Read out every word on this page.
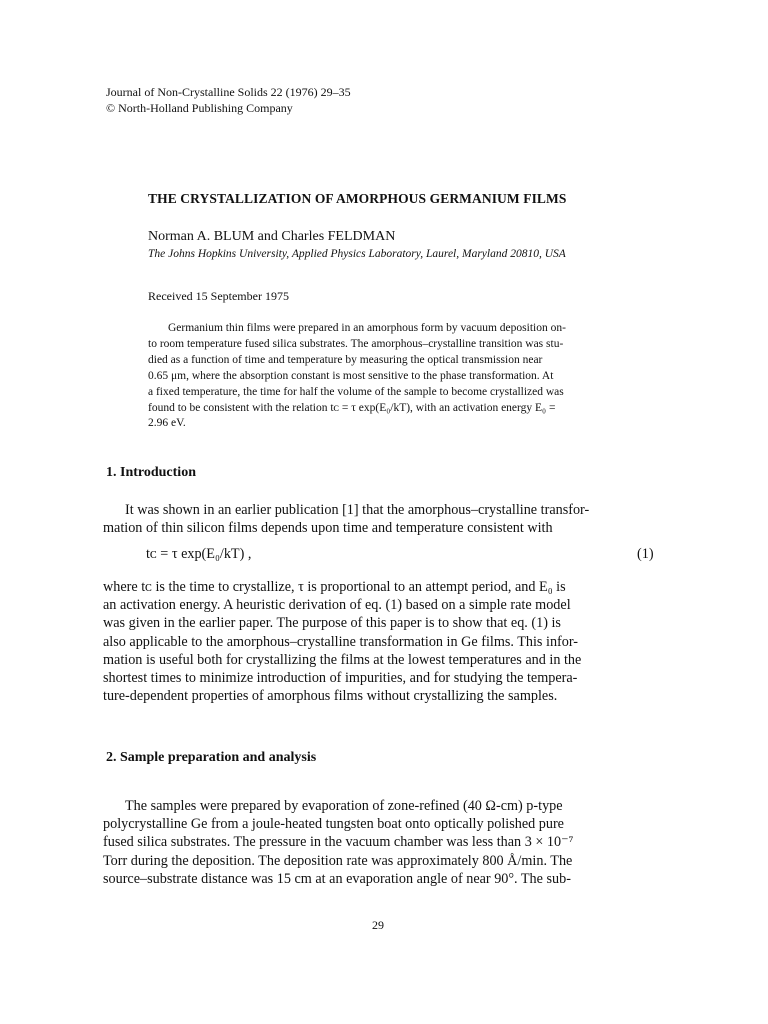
Journal of Non-Crystalline Solids 22 (1976) 29–35
© North-Holland Publishing Company
THE CRYSTALLIZATION OF AMORPHOUS GERMANIUM FILMS
Norman A. BLUM and Charles FELDMAN
The Johns Hopkins University, Applied Physics Laboratory, Laurel, Maryland 20810, USA
Received 15 September 1975
Germanium thin films were prepared in an amorphous form by vacuum deposition on-
to room temperature fused silica substrates. The amorphous–crystalline transition was stu-
died as a function of time and temperature by measuring the optical transmission near
0.65 μm, where the absorption constant is most sensitive to the phase transformation. At
a fixed temperature, the time for half the volume of the sample to become crystallized was
found to be consistent with the relation tᴄ = τ exp(E₀/kT), with an activation energy E₀ =
2.96 eV.
1. Introduction
It was shown in an earlier publication [1] that the amorphous–crystalline transfor-
mation of thin silicon films depends upon time and temperature consistent with
tᴄ = τ exp(E₀/kT) ,	(1)
where tᴄ is the time to crystallize, τ is proportional to an attempt period, and E₀ is
an activation energy. A heuristic derivation of eq. (1) based on a simple rate model
was given in the earlier paper. The purpose of this paper is to show that eq. (1) is
also applicable to the amorphous–crystalline transformation in Ge films. This infor-
mation is useful both for crystallizing the films at the lowest temperatures and in the
shortest times to minimize introduction of impurities, and for studying the tempera-
ture-dependent properties of amorphous films without crystallizing the samples.
2. Sample preparation and analysis
The samples were prepared by evaporation of zone-refined (40 Ω-cm) p-type
polycrystalline Ge from a joule-heated tungsten boat onto optically polished pure
fused silica substrates. The pressure in the vacuum chamber was less than 3 × 10⁻⁷
Torr during the deposition. The deposition rate was approximately 800 Å/min. The
source–substrate distance was 15 cm at an evaporation angle of near 90°. The sub-
29
